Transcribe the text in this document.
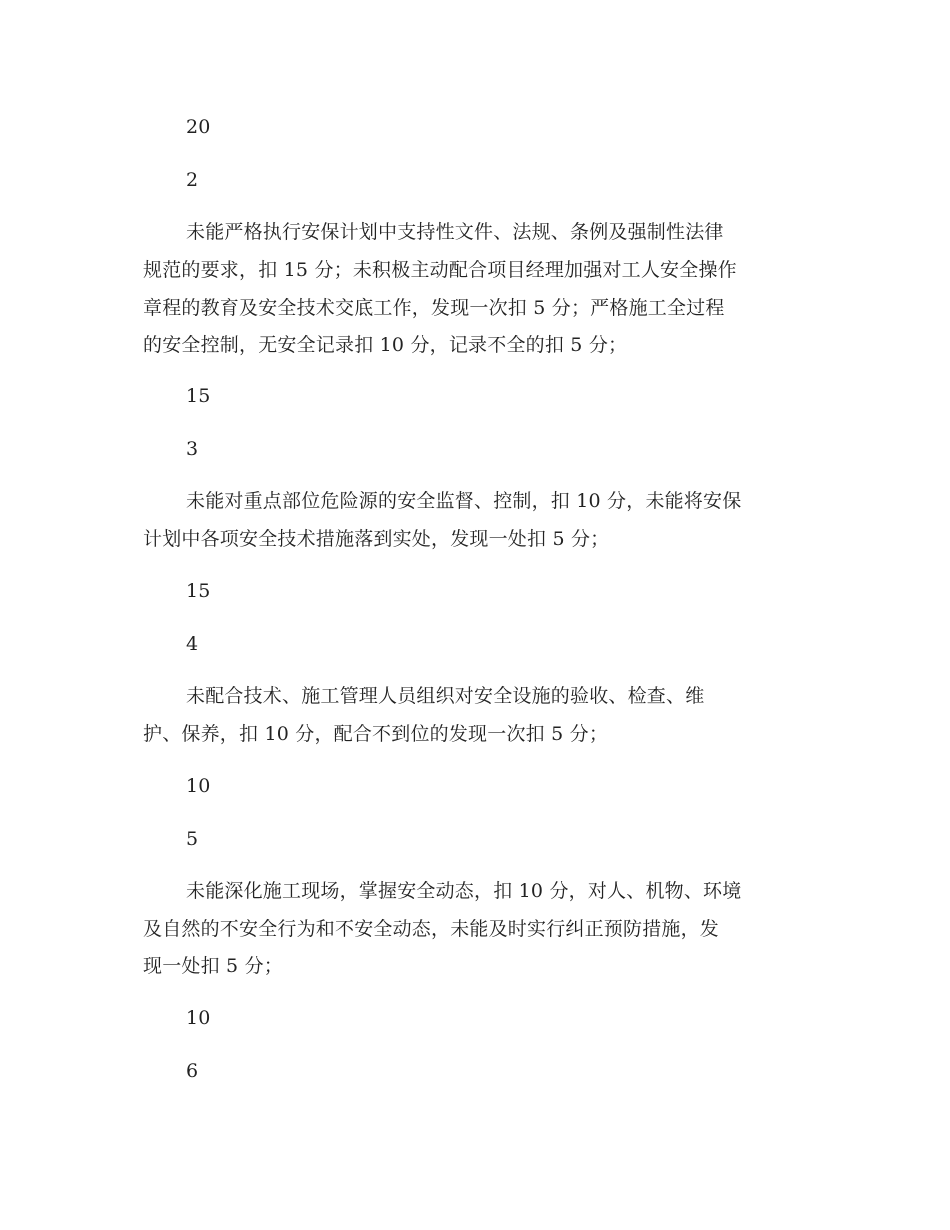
20
2
未能严格执行安保计划中支持性文件、法规、条例及强制性法律
规范的要求，扣 15 分；未积极主动配合项目经理加强对工人安全操作
章程的教育及安全技术交底工作，发现一次扣 5 分；严格施工全过程
的安全控制，无安全记录扣 10 分，记录不全的扣 5 分；
15
3
未能对重点部位危险源的安全监督、控制，扣 10 分，未能将安保
计划中各项安全技术措施落到实处，发现一处扣 5 分；
15
4
未配合技术、施工管理人员组织对安全设施的验收、检查、维
护、保养，扣 10 分，配合不到位的发现一次扣 5 分；
10
5
未能深化施工现场，掌握安全动态，扣 10 分，对人、机物、环境
及自然的不安全行为和不安全动态，未能及时实行纠正预防措施，发
现一处扣 5 分；
10
6
